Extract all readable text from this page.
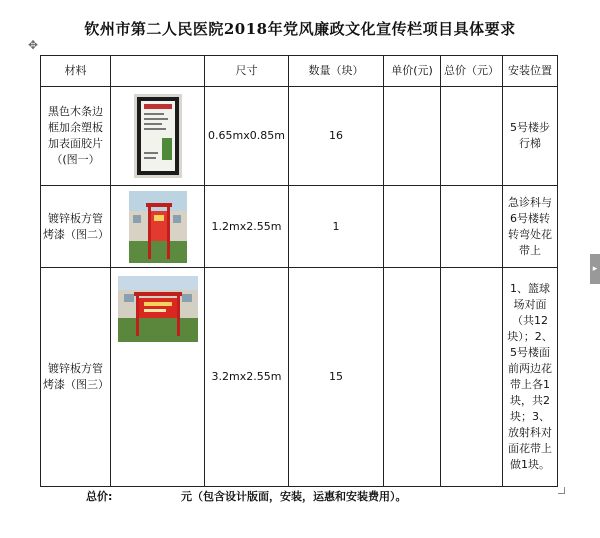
钦州市第二人民医院2018年党风廉政文化宣传栏项目具体要求
✥
材料		尺寸	数量（块）	单价(元)	总价（元）	安装位置
黑色木条边框加余塑板加表面胶片（(图一）		0.65mx0.85m	16			5号楼步行梯
镀锌板方管烤漆（图二）		1.2mx2.55m	1			急诊科与6号楼转转弯处花带上
镀锌板方管烤漆（图三）		3.2mx2.55m	15			1、篮球场对面（共12块）；2、5号楼面前两边花带上各1块，共2块；3、放射科对面花带上做1块。
▸
总价:	元（包含设计版面，安装，运惠和安装费用）。
